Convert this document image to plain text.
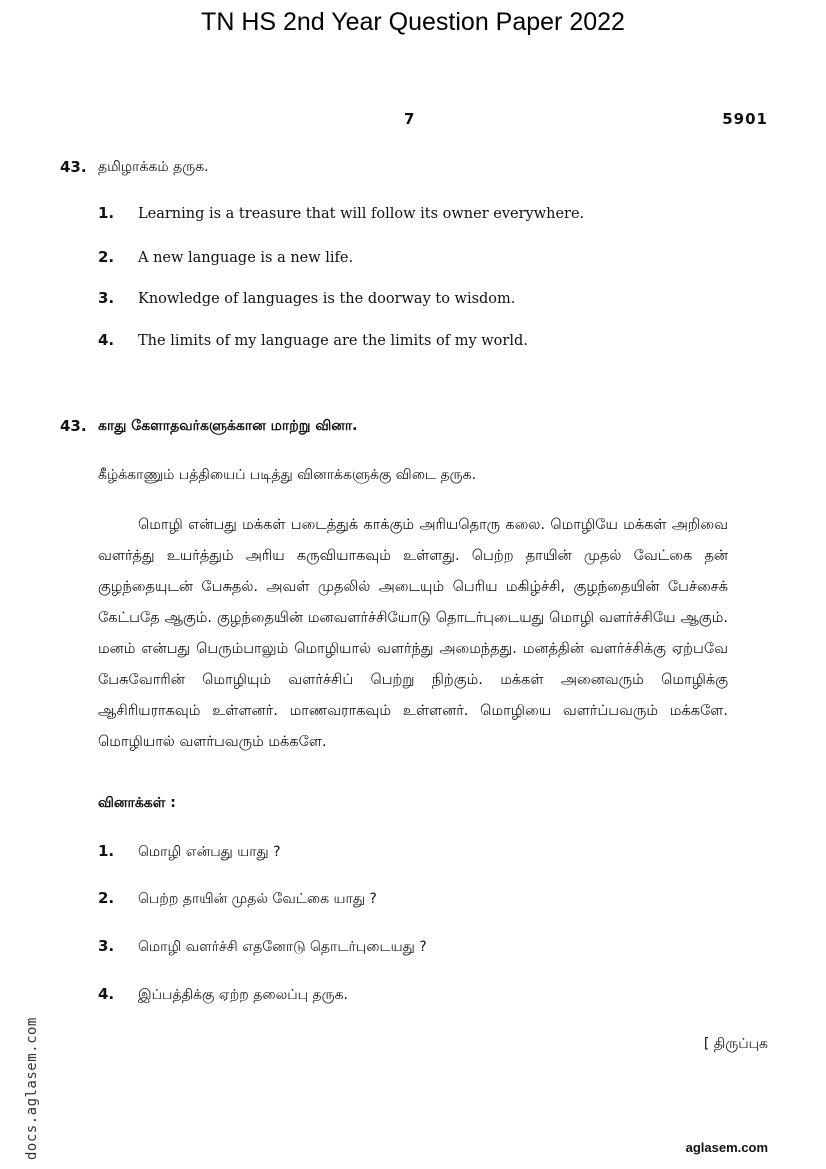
TN HS 2nd Year Question Paper 2022
7	5901
43. தமிழாக்கம் தருக.
1.	Learning is a treasure that will follow its owner everywhere.
2.	A new language is a new life.
3.	Knowledge of languages is the doorway to wisdom.
4.	The limits of my language are the limits of my world.
43. காது கேளாதவர்களுக்கான மாற்று வினா.
கீழ்க்காணும் பத்தியைப் படித்து வினாக்களுக்கு விடை தருக.
மொழி என்பது மக்கள் படைத்துக் காக்கும் அரியதொரு கலை. மொழியே மக்கள் அறிவை வளர்த்து உயர்த்தும் அரிய கருவியாகவும் உள்ளது. பெற்ற தாயின் முதல் வேட்கை தன் குழந்தையுடன் பேசுதல். அவள் முதலில் அடையும் பெரிய மகிழ்ச்சி, குழந்தையின் பேச்சைக் கேட்பதே ஆகும். குழந்தையின் மனவளர்ச்சியோடு தொடர்புடையது மொழி வளர்ச்சியே ஆகும். மனம் என்பது பெரும்பாலும் மொழியால் வளர்ந்து அமைந்தது. மனத்தின் வளர்ச்சிக்கு ஏற்பவே பேசுவோரின் மொழியும் வளர்ச்சிப் பெற்று நிற்கும். மக்கள் அனைவரும் மொழிக்கு ஆசிரியராகவும் உள்ளனர். மாணவராகவும் உள்ளனர். மொழியை வளர்ப்பவரும் மக்களே. மொழியால் வளர்பவரும் மக்களே.
வினாக்கள் :
1.	மொழி என்பது யாது ?
2.	பெற்ற தாயின் முதல் வேட்கை யாது ?
3.	மொழி வளர்ச்சி எதனோடு தொடர்புடையது ?
4.	இப்பத்திக்கு ஏற்ற தலைப்பு தருக.
[ திருப்புக
docs.aglasem.com	aglasem.com
